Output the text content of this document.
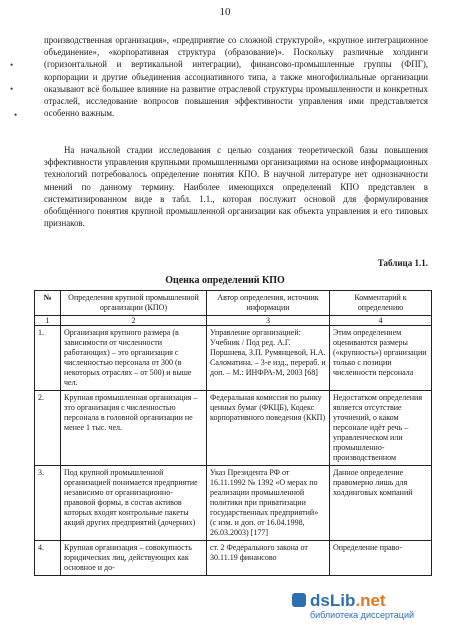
10
•
•
•

производственная организация», «предприятие со сложной структурой», «крупное интеграционное объединение», «корпоративная структура (образование)». Поскольку различные холдинги (горизонтальной и вертикальной интеграции), финансово-промышленные группы (ФПГ), корпорации и другие объединения ассоциативного типа, а также многофилиальные организации оказывают всё большее влияние на развитие отраслевой структуры промышленности и конкретных отраслей, исследование вопросов повышения эффективности управления ими представляется особенно важным.

На начальной стадии исследования с целью создания теоретической базы повышения эффективности управления крупными промышленными организациями на основе информационных технологий потребовалось определение понятия КПО. В научной литературе нет однозначности мнений по данному термину. Наиболее имеющихся определений КПО представлен в систематизированном виде в табл. 1.1., которая послужит основой для формулирования обобщённого понятия крупной промышленной организации как объекта управления и его типовых признаков.

Таблица 1.1.
Оценка определений КПО
№	Определения крупной промышленной организации (КПО)	Автор определения, источник информации	Комментарий к определению
1	2	3	4
1.	Организация крупного размера (в зависимости от численности работающих) – это организация с численностью персонала от 300 (в некоторых отраслях – от 500) и выше чел.	Управление организацией: Учебник / Под ред. А.Г. Поршнева, З.П. Румянцевой, Н.А. Саломатина. – 3-е изд., перераб. и доп. – М.: ИНФРА-М, 2003 [68]	Этим определением оцениваются размеры («крупность») организации только с позиции численности персонала
2.	Крупная промышленная организация – это организация с численностью персонала в головной организации не менее 1 тыс. чел.	Федеральная комиссия по рынку ценных бумаг (ФКЦБ), Кодекс корпоративного поведения (ККП)	Недостатком определения является отсутствие уточнений, о каком персонале идёт речь – управленческом или промышленно-производственном
3.	Под крупной промышленной организацией понимается предприятие независимо от организационно-правовой формы, в состав активов которых входят контрольные пакеты акций других предприятий (дочерних)	Указ Президента РФ от 16.11.1992 № 1392 «О мерах по реализации промышленной политики при приватизации государственных предприятий» (с изм. и доп. от 16.04.1998, 26.03.2003) [177]	Данное определение правомерно лишь для холдинговых компаний
4.	Крупная организация – совокупность юридических лиц, действующих как основное и до-	ст. 2 Федерального закона от 30.11.19 финансово	Определение право-
dsLib.net
библиотека диссертаций
